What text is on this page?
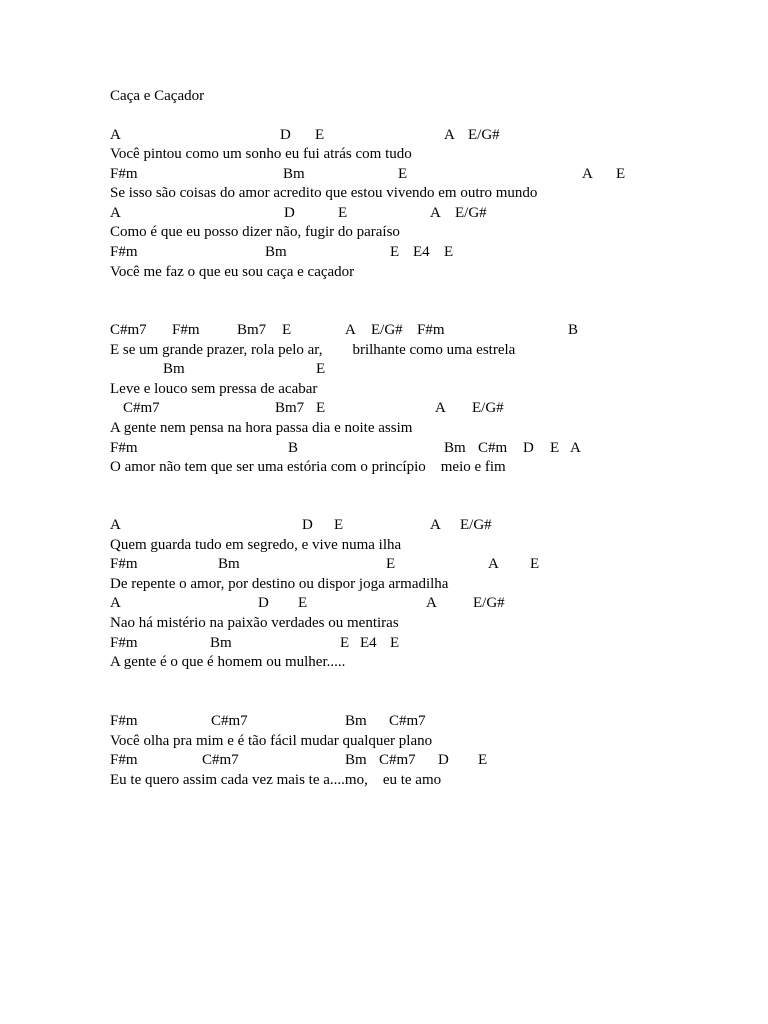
Caça e Caçador
A	D E	A E/G#
Você pintou como um sonho eu fui atrás com tudo
F#m	Bm	E	A E
Se isso são coisas do amor acredito que estou vivendo em outro mundo
A	D	E	A E/G#
Como é que eu posso dizer não, fugir do paraíso
F#m	Bm	E E4 E
Você me faz o que eu sou caça e caçador
C#m7 F#m Bm7 E	A E/G# F#m	B
E se um grande prazer, rola pelo ar,        brilhante como uma estrela
Bm	E
Leve e louco sem pressa de acabar
C#m7	Bm7 E	A E/G#
A gente nem pensa na hora passa dia e noite assim
F#m	B	Bm C#m D E A
O amor não tem que ser uma estória com o princípio    meio e fim
A	D E	A E/G#
Quem guarda tudo em segredo, e vive numa ilha
F#m	Bm	E	A E
De repente o amor, por destino ou dispor joga armadilha
A	D E	A E/G#
Nao há mistério na paixão verdades ou mentiras
F#m	Bm	E E4 E
A gente é o que é homem ou mulher.....
F#m	C#m7	Bm C#m7
Você olha pra mim e é tão fácil mudar qualquer plano
F#m	C#m7	Bm C#m7 D E
Eu te quero assim cada vez mais te a....mo,    eu te amo
